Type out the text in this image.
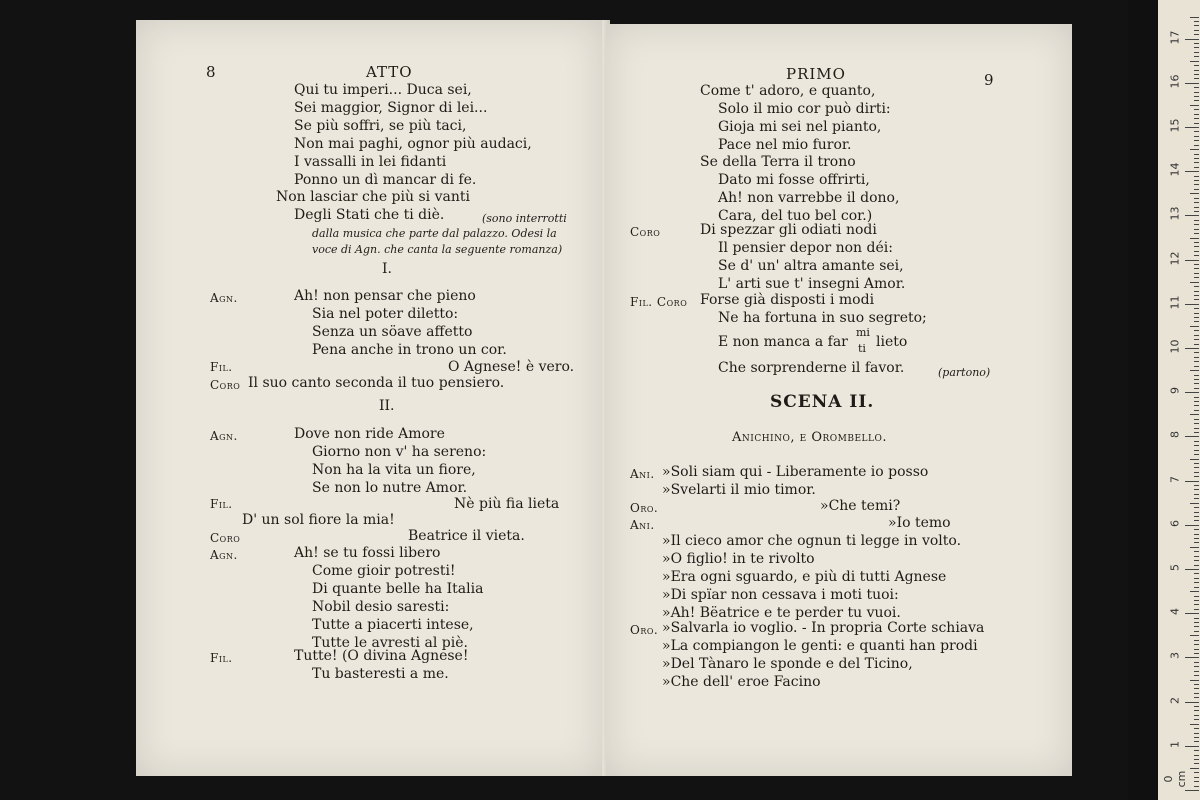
8	ATTO
Qui tu imperi... Duca sei,
Sei maggior, Signor di lei...
Se più soffri, se più taci,
Non mai paghi, ognor più audaci,
I vassalli in lei fidanti
Ponno un dì mancar di fe.
Non lasciar che più si vanti
Degli Stati che ti diè.	(sono interrotti
dalla musica che parte dal palazzo. Odesi la
voce di Agn. che canta la seguente romanza)
I.
Agn.	Ah! non pensar che pieno
Sia nel poter diletto:
Senza un söave affetto
Pena anche in trono un cor.
Fil.	O Agnese! è vero.
Coro Il suo canto seconda il tuo pensiero.
II.
Agn.	Dove non ride Amore
Giorno non v' ha sereno:
Non ha la vita un fiore,
Se non lo nutre Amor.
Fil.	Nè più fia lieta
D' un sol fiore la mia!
Coro	Beatrice il vieta.
Agn.	Ah! se tu fossi libero
Come gioir potresti!
Di quante belle ha Italia
Nobil desio saresti:
Tutte a piacerti intese,
Tutte le avresti al piè.
Fil.	Tutte! (O divina Agnese!
Tu basteresti a me.
PRIMO	9
Come t' adoro, e quanto,
Solo il mio cor può dirti:
Gioja mi sei nel pianto,
Pace nel mio furor.
Se della Terra il trono
Dato mi fosse offrirti,
Ah! non varrebbe il dono,
Cara, del tuo bel cor.)
Coro	Di spezzar gli odiati nodi
Il pensier depor non déi:
Se d' un' altra amante sei,
L' arti sue t' insegni Amor.
Fil. Coro Forse già disposti i modi
Ne ha fortuna in suo segreto;
E non manca a far
mi
ti lieto
Che sorprenderne il favor.	(partono)
SCENA II.
Anichino, e Orombello.
Ani. »Soli siam qui - Liberamente io posso
»Svelarti il mio timor.
Oro.	»Che temi?
Ani.	»Io temo
»Il cieco amor che ognun ti legge in volto.
»O figlio! in te rivolto
»Era ogni sguardo, e più di tutti Agnese
»Di spïar non cessava i moti tuoi:
»Ah! Bëatrice e te perder tu vuoi.
Oro. »Salvarla io voglio. - In propria Corte schiava
»La compiangon le genti: e quanti han prodi
»Del Tànaro le sponde e del Ticino,
»Che dell' eroe Facino
0 cm
1
2
3
4
5
6
7
8
9
10
11
12
13
14
15
16
17
